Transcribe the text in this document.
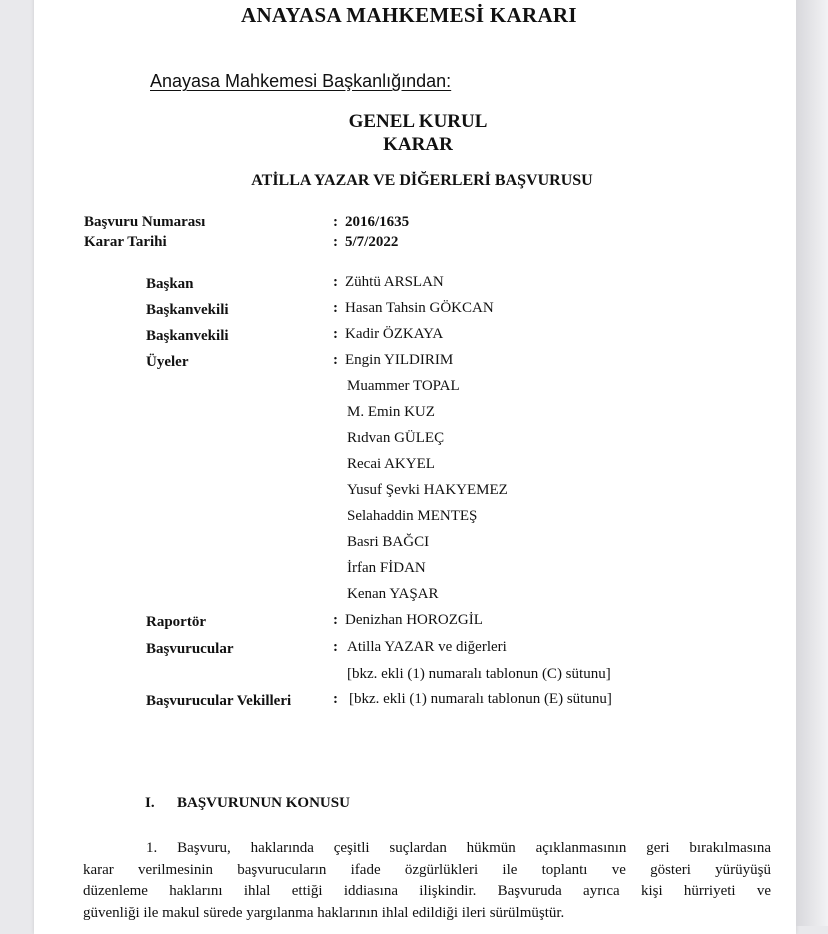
ANAYASA MAHKEMESİ KARARI
Anayasa Mahkemesi Başkanlığından:
GENEL KURUL
KARAR
ATİLLA YAZAR VE DİĞERLERİ BAŞVURUSU
Başvuru Numarası	: 2016/1635
Karar Tarihi	: 5/7/2022
Başkan	: Zühtü ARSLAN
Başkanvekili	: Hasan Tahsin GÖKCAN
Başkanvekili	: Kadir ÖZKAYA
Üyeler	: Engin YILDIRIM
Muammer TOPAL
M. Emin KUZ
Rıdvan GÜLEÇ
Recai AKYEL
Yusuf Şevki HAKYEMEZ
Selahaddin MENTEŞ
Basri BAĞCI
İrfan FİDAN
Kenan YAŞAR
Raportör	: Denizhan HOROZGİL
Başvurucular	: Atilla YAZAR ve diğerleri
[bkz. ekli (1) numaralı tablonun (C) sütunu]
Başvurucular Vekilleri	: [bkz. ekli (1) numaralı tablonun (E) sütunu]
I. BAŞVURUNUN KONUSU
1. Başvuru, haklarında çeşitli suçlardan hükmün açıklanmasının geri bırakılmasına
karar verilmesinin başvurucuların ifade özgürlükleri ile toplantı ve gösteri yürüyüşü
düzenleme haklarını ihlal ettiği iddiasına ilişkindir. Başvuruda ayrıca kişi hürriyeti ve
güvenliği ile makul sürede yargılanma haklarının ihlal edildiği ileri sürülmüştür.
